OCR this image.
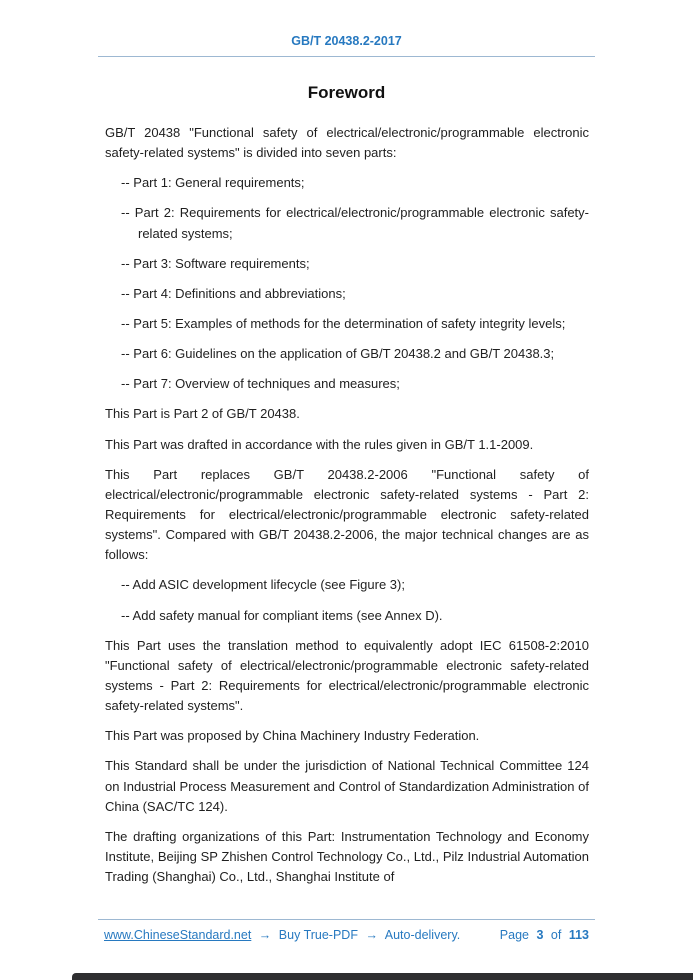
GB/T 20438.2-2017
Foreword

GB/T 20438 "Functional safety of electrical/electronic/programmable electronic safety-related systems" is divided into seven parts:

-- Part 1: General requirements;

-- Part 2: Requirements for electrical/electronic/programmable electronic safety-related systems;

-- Part 3: Software requirements;

-- Part 4: Definitions and abbreviations;

-- Part 5: Examples of methods for the determination of safety integrity levels;

-- Part 6: Guidelines on the application of GB/T 20438.2 and GB/T 20438.3;

-- Part 7: Overview of techniques and measures;

This Part is Part 2 of GB/T 20438.

This Part was drafted in accordance with the rules given in GB/T 1.1-2009.

This Part replaces GB/T 20438.2-2006 "Functional safety of electrical/electronic/programmable electronic safety-related systems - Part 2: Requirements for electrical/electronic/programmable electronic safety-related systems". Compared with GB/T 20438.2-2006, the major technical changes are as follows:

-- Add ASIC development lifecycle (see Figure 3);

-- Add safety manual for compliant items (see Annex D).

This Part uses the translation method to equivalently adopt IEC 61508-2:2010 "Functional safety of electrical/electronic/programmable electronic safety-related systems - Part 2: Requirements for electrical/electronic/programmable electronic safety-related systems".

This Part was proposed by China Machinery Industry Federation.

This Standard shall be under the jurisdiction of National Technical Committee 124 on Industrial Process Measurement and Control of Standardization Administration of China (SAC/TC 124).

The drafting organizations of this Part: Instrumentation Technology and Economy Institute, Beijing SP Zhishen Control Technology Co., Ltd., Pilz Industrial Automation Trading (Shanghai) Co., Ltd., Shanghai Institute of

www.ChineseStandard.net → Buy True-PDF → Auto-delivery.	Page 3 of 113
